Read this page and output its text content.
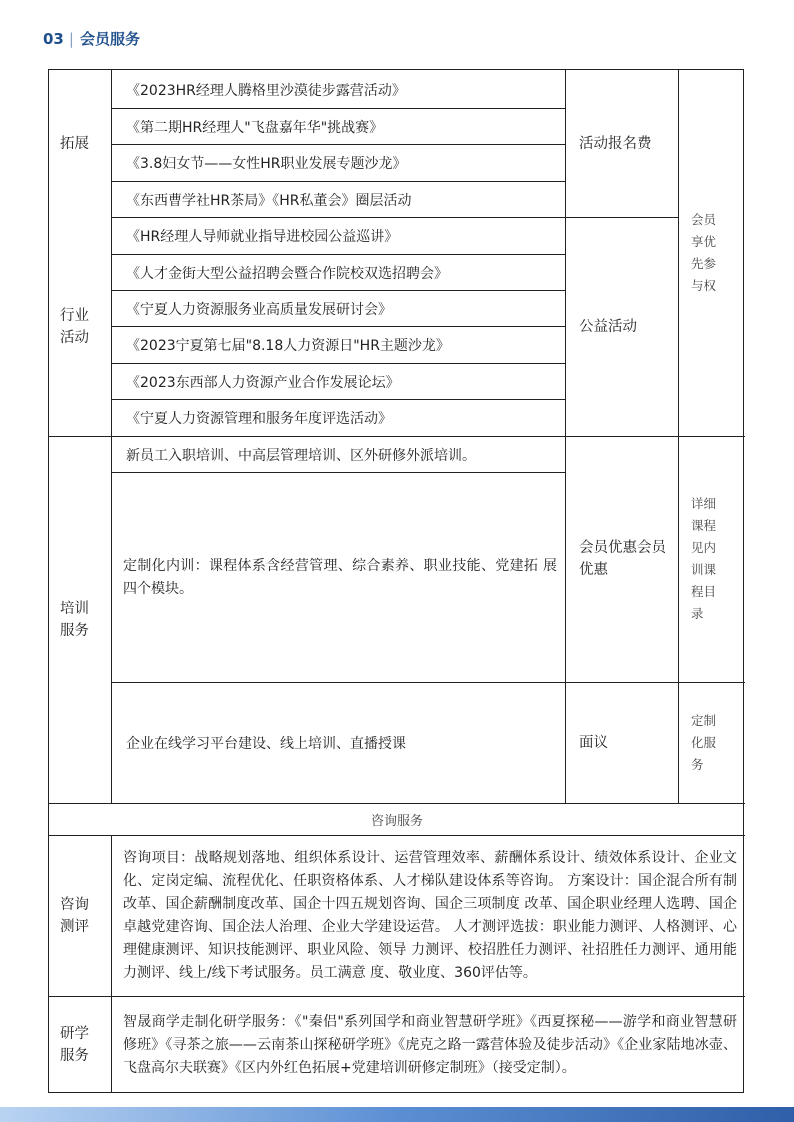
03 | 会员服务
拓展
《2023HR经理人腾格里沙漠徒步露营活动》
《第二期HR经理人"飞盘嘉年华"挑战赛》
《3.8妇女节——女性HR职业发展专题沙龙》
《东西曹学社HR茶局》《HR私董会》圈层活动
活动报名费
行业
活动
《HR经理人导师就业指导进校园公益巡讲》
《人才金街大型公益招聘会暨合作院校双选招聘会》
《宁夏人力资源服务业高质量发展研讨会》
《2023宁夏第七届"8.18人力资源日"HR主题沙龙》
《2023东西部人力资源产业合作发展论坛》
《宁夏人力资源管理和服务年度评选活动》
公益活动
会员
享优
先参
与权
培训
服务
新员工入职培训、中高层管理培训、区外研修外派培训。
定制化内训：课程体系含经营管理、综合素养、职业技能、党建拓 展四个模块。
企业在线学习平台建设、线上培训、直播授课
会员优惠会员优惠
面议
详细
课程
见内
训课
程目
录
定制
化服
务
咨询服务
咨询
测评
咨询项目：战略规划落地、组织体系设计、运营管理效率、薪酬体系设计、绩效体系设计、企业文化、定岗定编、流程优化、任职资格体系、人才梯队建设体系等咨询。 方案设计：国企混合所有制改革、国企薪酬制度改革、国企十四五规划咨询、国企三项制度 改革、国企职业经理人选聘、国企卓越党建咨询、国企法人治理、企业大学建设运营。 人才测评选拔：职业能力测评、人格测评、心理健康测评、知识技能测评、职业风险、领导 力测评、校招胜任力测评、社招胜任力测评、通用能力测评、线上/线下考试服务。员工满意 度、敬业度、360评估等。
研学
服务
智晟商学走制化研学服务：《"秦侣"系列国学和商业智慧研学班》《西夏探秘——游学和商业智慧研修班》《寻茶之旅——云南茶山探秘研学班》《虎克之路一露营体验及徒步活动》《企业家陆地冰壶、飞盘高尔夫联赛》《区内外红色拓展+党建培训研修定制班》（接受定制）。
